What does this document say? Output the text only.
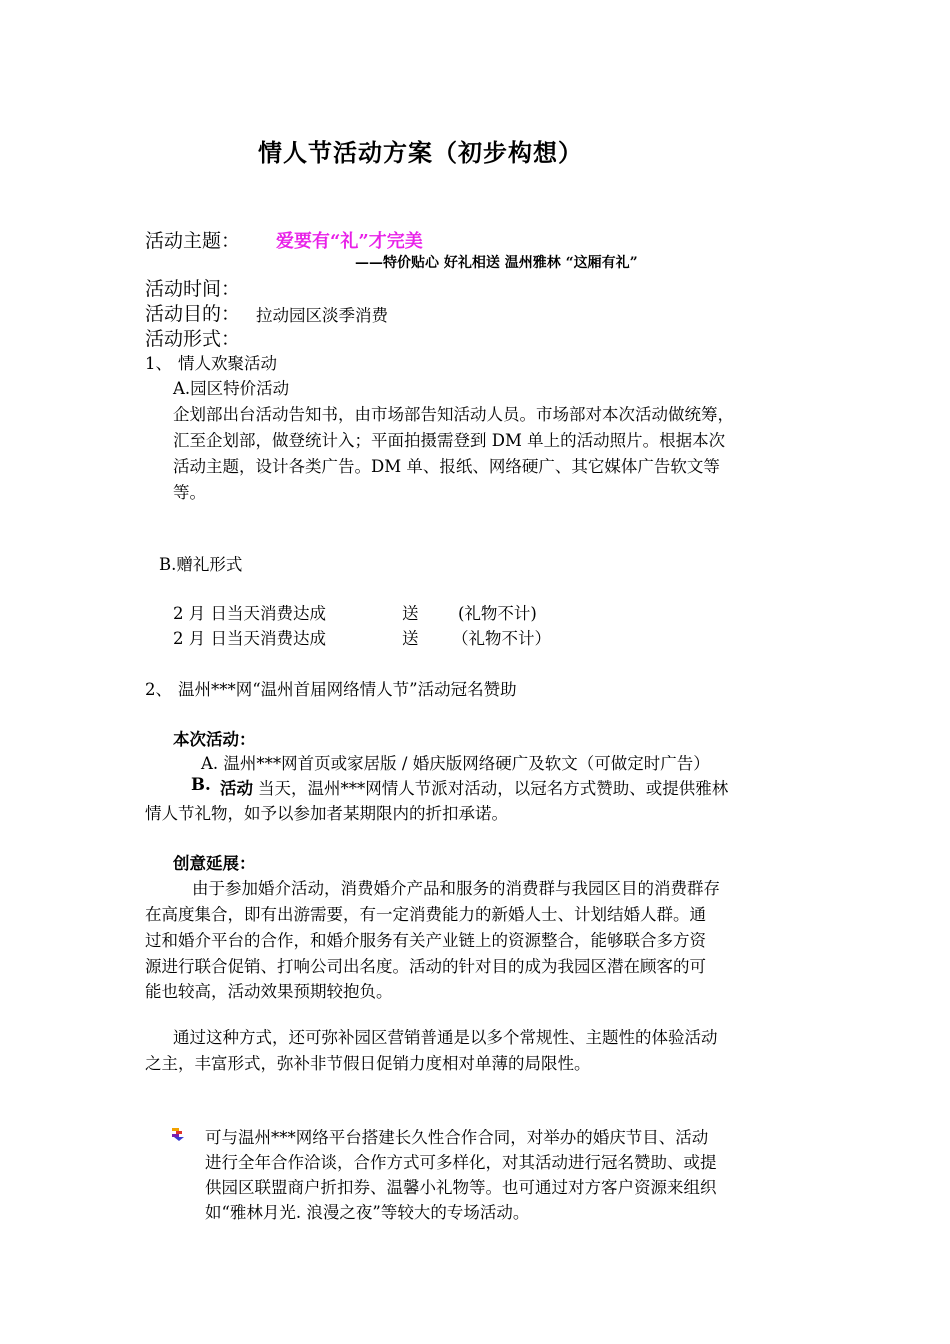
情人节活动方案（初步构想）
活动主题： 爱要有“礼”才完美
——特价贴心 好礼相送 温州雅林 “这厢有礼”
活动时间：
活动目的： 拉动园区淡季消费
活动形式：
1、 情人欢聚活动
A.园区特价活动
企划部出台活动告知书，由市场部告知活动人员。市场部对本次活动做统筹，
汇至企划部，做登统计入；平面拍摄需登到 DM 单上的活动照片。根据本次
活动主题，设计各类广告。DM 单、报纸、网络硬广、其它媒体广告软文等
等。
B.赠礼形式
2 月 日当天消费达成	送 (礼物不计)
2 月 日当天消费达成	送 （礼物不计）
2、 温州***网“温州首届网络情人节”活动冠名赞助
本次活动：
A. 温州***网首页或家居版 / 婚庆版网络硬广及软文（可做定时广告）
B. 活动 当天，温州***网情人节派对活动，以冠名方式赞助、或提供雅林
情人节礼物，如予以参加者某期限内的折扣承诺。
创意延展：
由于参加婚介活动，消费婚介产品和服务的消费群与我园区目的消费群存
在高度集合，即有出游需要，有一定消费能力的新婚人士、计划结婚人群。通
过和婚介平台的合作，和婚介服务有关产业链上的资源整合，能够联合多方资
源进行联合促销、打响公司出名度。活动的针对目的成为我园区潜在顾客的可
能也较高，活动效果预期较抱负。
通过这种方式，还可弥补园区营销普通是以多个常规性、主题性的体验活动
之主，丰富形式，弥补非节假日促销力度相对单薄的局限性。
可与温州***网络平台搭建长久性合作合同，对举办的婚庆节目、活动
进行全年合作洽谈，合作方式可多样化，对其活动进行冠名赞助、或提
供园区联盟商户折扣券、温馨小礼物等。也可通过对方客户资源来组织
如“雅林月光. 浪漫之夜”等较大的专场活动。
